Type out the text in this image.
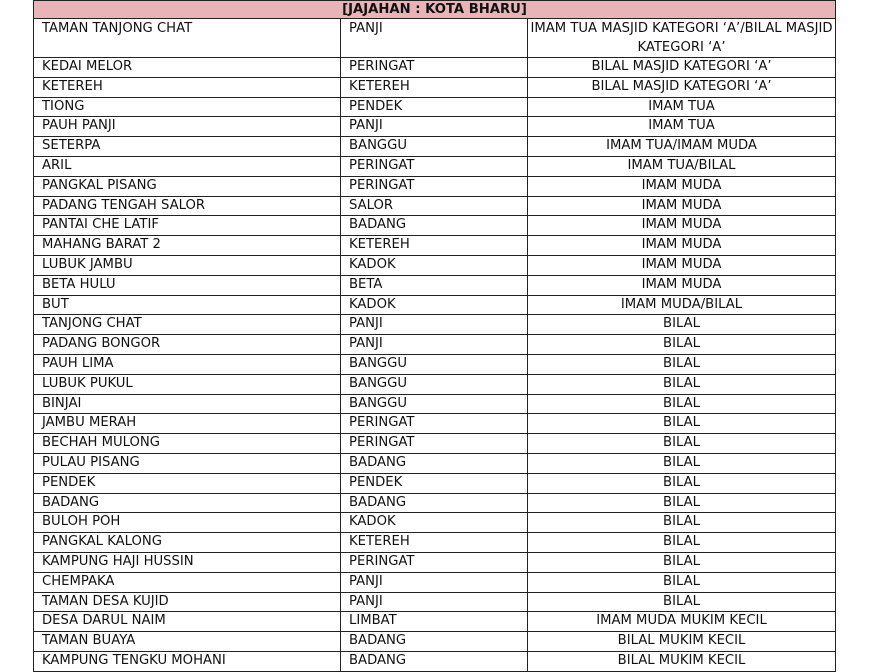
[JAJAHAN : KOTA BHARU]		
TAMAN TANJONG CHAT	PANJI	IMAM TUA MASJID KATEGORI ‘A’/BILAL MASJID KATEGORI ‘A’
KEDAI MELOR	PERINGAT	BILAL MASJID KATEGORI ‘A’
KETEREH	KETEREH	BILAL MASJID KATEGORI ‘A’
TIONG	PENDEK	IMAM TUA
PAUH PANJI	PANJI	IMAM TUA
SETERPA	BANGGU	IMAM TUA/IMAM MUDA
ARIL	PERINGAT	IMAM TUA/BILAL
PANGKAL PISANG	PERINGAT	IMAM MUDA
PADANG TENGAH SALOR	SALOR	IMAM MUDA
PANTAI CHE LATIF	BADANG	IMAM MUDA
MAHANG BARAT 2	KETEREH	IMAM MUDA
LUBUK JAMBU	KADOK	IMAM MUDA
BETA HULU	BETA	IMAM MUDA
BUT	KADOK	IMAM MUDA/BILAL
TANJONG CHAT	PANJI	BILAL
PADANG BONGOR	PANJI	BILAL
PAUH LIMA	BANGGU	BILAL
LUBUK PUKUL	BANGGU	BILAL
BINJAI	BANGGU	BILAL
JAMBU MERAH	PERINGAT	BILAL
BECHAH MULONG	PERINGAT	BILAL
PULAU PISANG	BADANG	BILAL
PENDEK	PENDEK	BILAL
BADANG	BADANG	BILAL
BULOH POH	KADOK	BILAL
PANGKAL KALONG	KETEREH	BILAL
KAMPUNG HAJI HUSSIN	PERINGAT	BILAL
CHEMPAKA	PANJI	BILAL
TAMAN DESA KUJID	PANJI	BILAL
DESA DARUL NAIM	LIMBAT	IMAM MUDA MUKIM KECIL
TAMAN BUAYA	BADANG	BILAL MUKIM KECIL
KAMPUNG TENGKU MOHANI	BADANG	BILAL MUKIM KECIL
